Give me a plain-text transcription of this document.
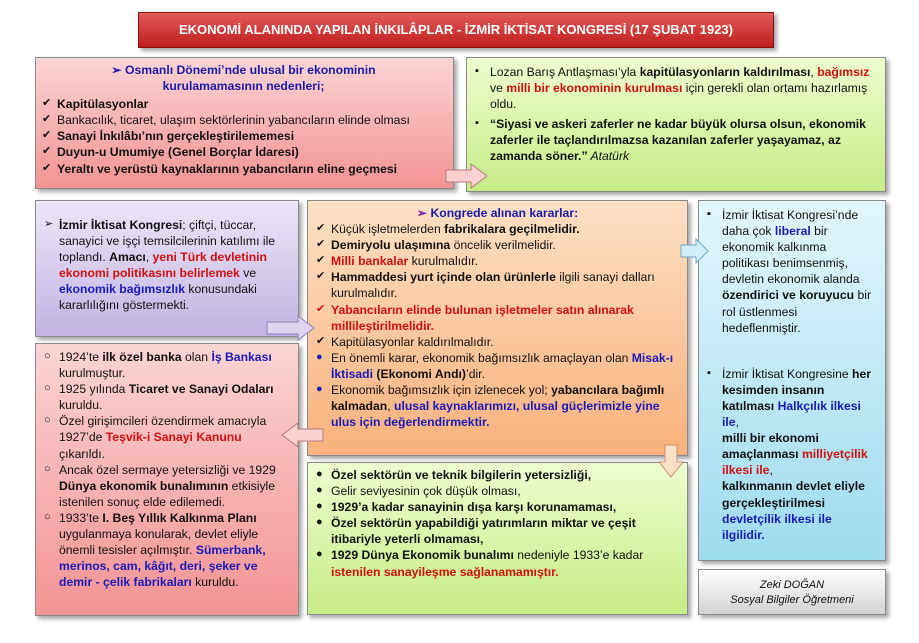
EKONOMİ ALANINDA YAPILAN İNKILÂPLAR - İZMİR İKTİSAT KONGRESİ (17 ŞUBAT 1923)
➢ Osmanlı Dönemi’nde ulusal bir ekonominin kurulamamasının nedenleri;
✔ Kapitülasyonlar
✔ Bankacılık, ticaret, ulaşım sektörlerinin yabancıların elinde olması
✔ Sanayi İnkılâbı’nın gerçekleştirilememesi
✔ Duyun-u Umumiye (Genel Borçlar İdaresi)
✔ Yeraltı ve yerüstü kaynaklarının yabancıların eline geçmesi
▪ Lozan Barış Antlaşması’yla kapitülasyonların kaldırılması, bağımsız ve milli bir ekonominin kurulması için gerekli olan ortamı hazırlamış oldu.
▪ “Siyasi ve askeri zaferler ne kadar büyük olursa olsun, ekonomik zaferler ile taçlandırılmazsa kazanılan zaferler yaşayamaz, az zamanda söner.” Atatürk
➢ İzmir İktisat Kongresi; çiftçi, tüccar, sanayici ve işçi temsilcilerinin katılımı ile toplandı. Amacı, yeni Türk devletinin ekonomi politikasını belirlemek ve ekonomik bağımsızlık konusundaki kararlılığını göstermekti.
➢ Kongrede alınan kararlar:
✔ Küçük işletmelerden fabrikalara geçilmelidir.
✔ Demiryolu ulaşımına öncelik verilmelidir.
✔ Milli bankalar kurulmalıdır.
✔ Hammaddesi yurt içinde olan ürünlerle ilgili sanayi dalları kurulmalıdır.
✔ Yabancıların elinde bulunan işletmeler satın alınarak millileştirilmelidir.
✔ Kapitülasyonlar kaldırılmalıdır.
● En önemli karar, ekonomik bağımsızlık amaçlayan olan Misak-ı İktisadi (Ekonomi Andı)’dir.
● Ekonomik bağımsızlık için izlenecek yol; yabancılara bağımlı kalmadan, ulusal kaynaklarımızı, ulusal güçlerimizle yine ulus için değerlendirmektir.
▪ İzmir İktisat Kongresi’nde daha çok liberal bir ekonomik kalkınma politikası benimsenmiş, devletin ekonomik alanda özendirici ve koruyucu bir rol üstlenmesi hedeflenmiştir.
▪ İzmir İktisat Kongresine her kesimden insanın katılması Halkçılık ilkesi ile,
milli bir ekonomi amaçlanması milliyetçilik ilkesi ile,
kalkınmanın devlet eliyle gerçekleştirilmesi devletçilik ilkesi ile ilgilidir.
○ 1924’te ilk özel banka olan İş Bankası kurulmuştur.
○ 1925 yılında Ticaret ve Sanayi Odaları kuruldu.
○ Özel girişimcileri özendirmek amacıyla 1927’de Teşvik-i Sanayi Kanunu çıkarıldı.
○ Ancak özel sermaye yetersizliği ve 1929 Dünya ekonomik bunalımının etkisiyle istenilen sonuç elde edilemedi.
○ 1933’te I. Beş Yıllık Kalkınma Planı uygulanmaya konularak, devlet eliyle önemli tesisler açılmıştır. Sümerbank, merinos, cam, kâğıt, deri, şeker ve demir - çelik fabrikaları kuruldu.
● Özel sektörün ve teknik bilgilerin yetersizliği,
● Gelir seviyesinin çok düşük olması,
● 1929’a kadar sanayinin dışa karşı korunamaması,
● Özel sektörün yapabildiği yatırımların miktar ve çeşit itibariyle yeterli olmaması,
● 1929 Dünya Ekonomik bunalımı nedeniyle 1933’e kadar istenilen sanayileşme sağlanamamıştır.
Zeki DOĞAN
Sosyal Bilgiler Öğretmeni
